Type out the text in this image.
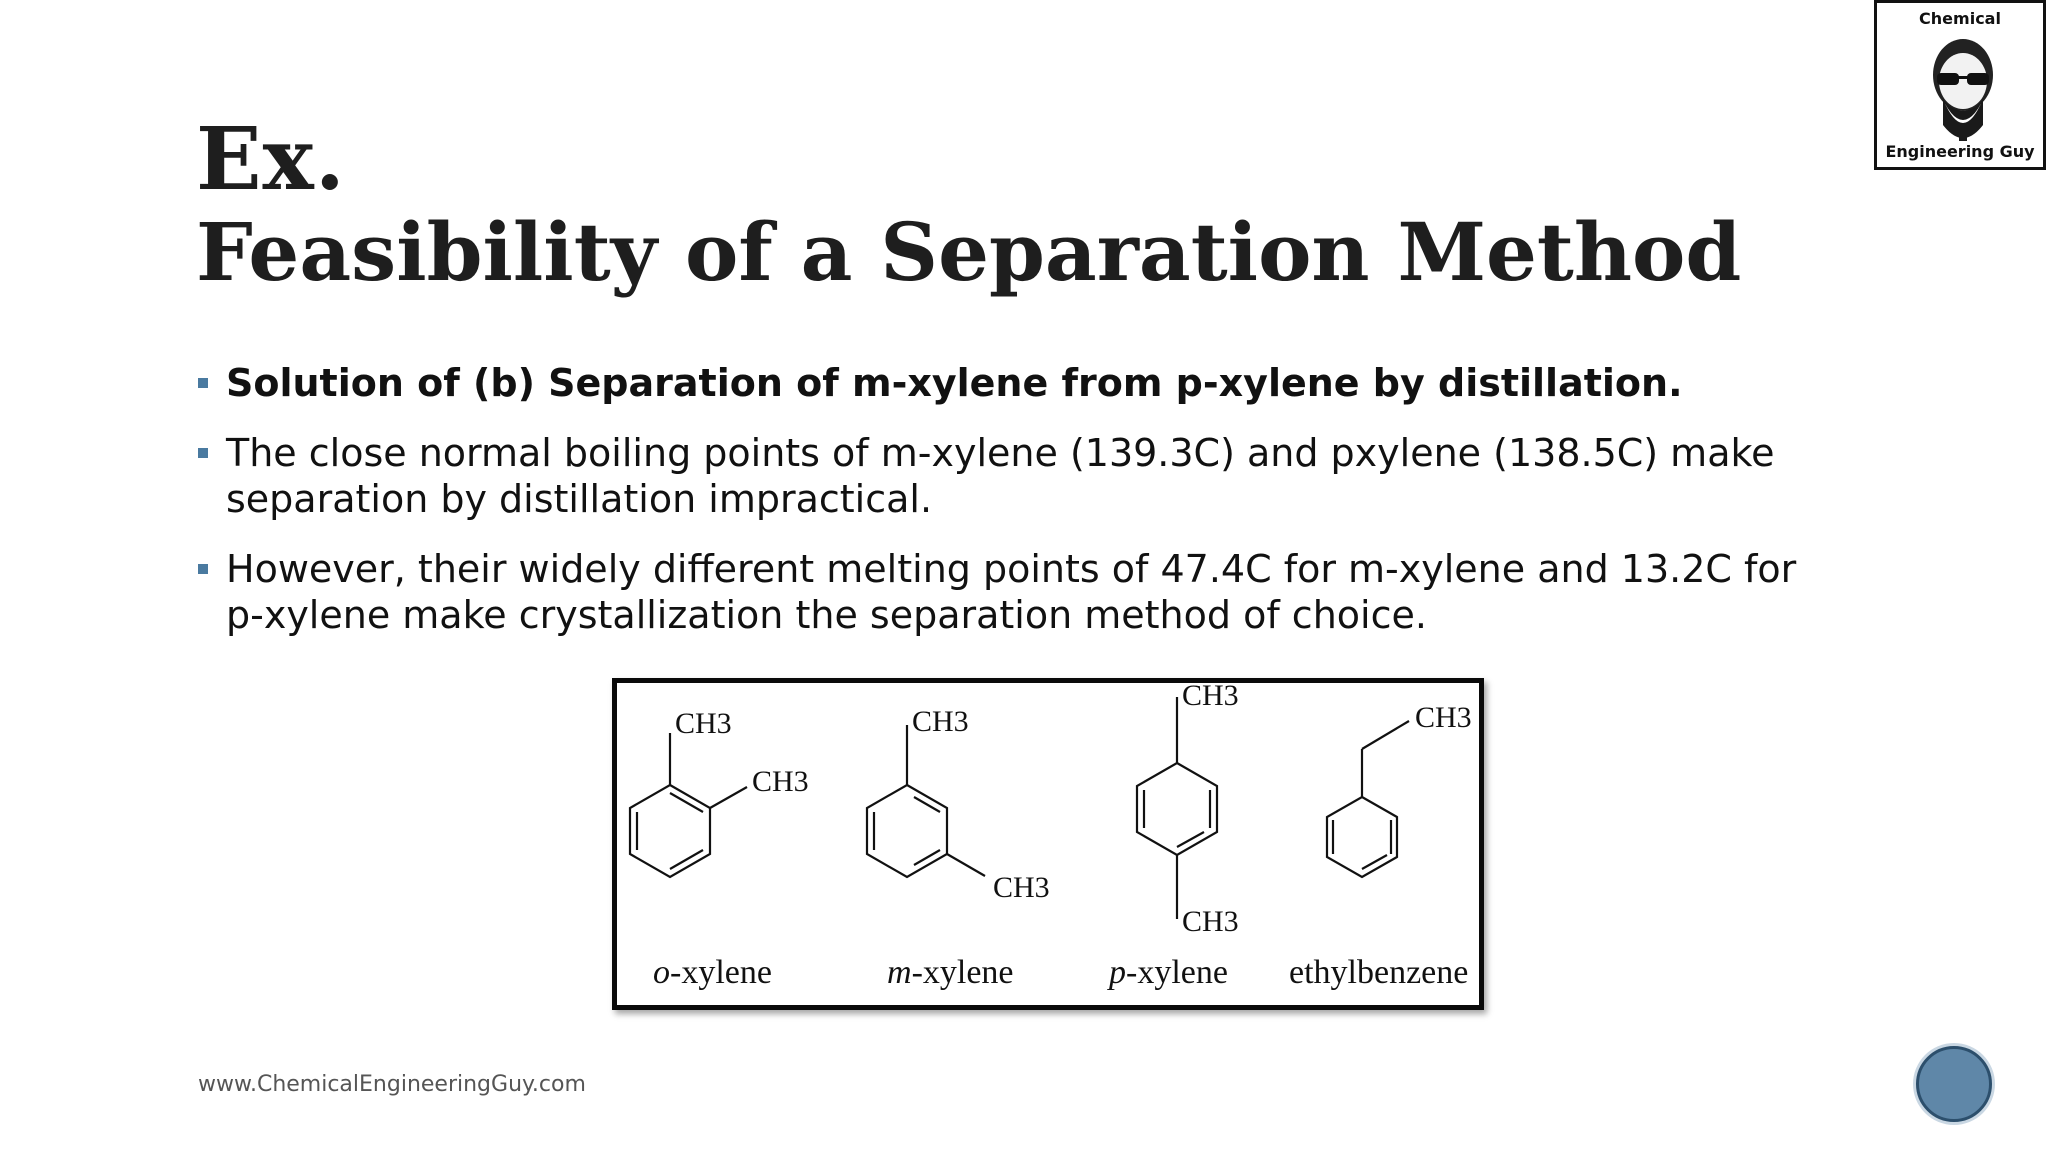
Ex.
Feasibility of a Separation Method
Solution of (b) Separation of m-xylene from p-xylene by distillation.
The close normal boiling points of m-xylene (139.3C) and pxylene (138.5C) make separation by distillation impractical.
However, their widely different melting points of 47.4C for m-xylene and 13.2C for p-xylene make crystallization the separation method of choice.
CH3
CH3
CH3
CH3
CH3
CH3
CH3
o-xylene	m-xylene	p-xylene ethylbenzene
www.ChemicalEngineeringGuy.com
Chemical
Engineering Guy
